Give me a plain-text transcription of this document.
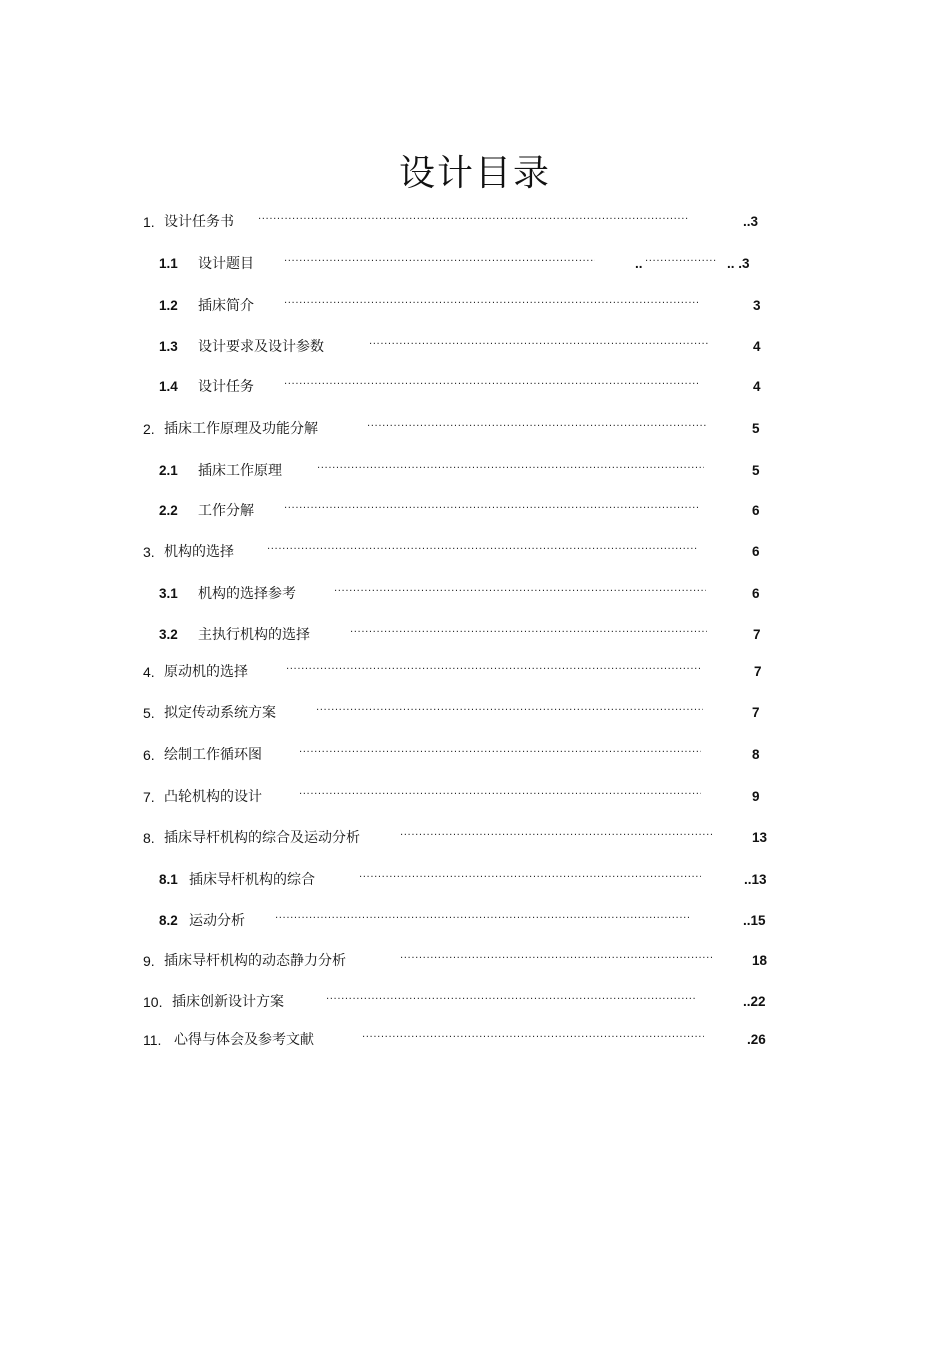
设计目录
1. 设计任务书 ·····	..3
1.1 设计题目 ·····	.. ·····	.. .3
1.2 插床简介 ·····	3
1.3 设计要求及设计参数 ·····	4
1.4 设计任务 ·····	4
2. 插床工作原理及功能分解 ·····	5
2.1 插床工作原理 ·····	5
2.2 工作分解 ·····	6
3. 机构的选择 ·····	6
3.1 机构的选择参考 ·····	6
3.2 主执行机构的选择 ·····	7
4. 原动机的选择 ·····	7
5. 拟定传动系统方案 ·····	7
6. 绘制工作循环图 ·····	8
7. 凸轮机构的设计 ·····	9
8. 插床导杆机构的综合及运动分析 ·····	13
8.1 插床导杆机构的综合 ·····	..13
8.2 运动分析 ·····	..15
9. 插床导杆机构的动态静力分析 ·····	18
10. 插床创新设计方案 ·····	..22
11. 心得与体会及参考文献 ·····	.26
